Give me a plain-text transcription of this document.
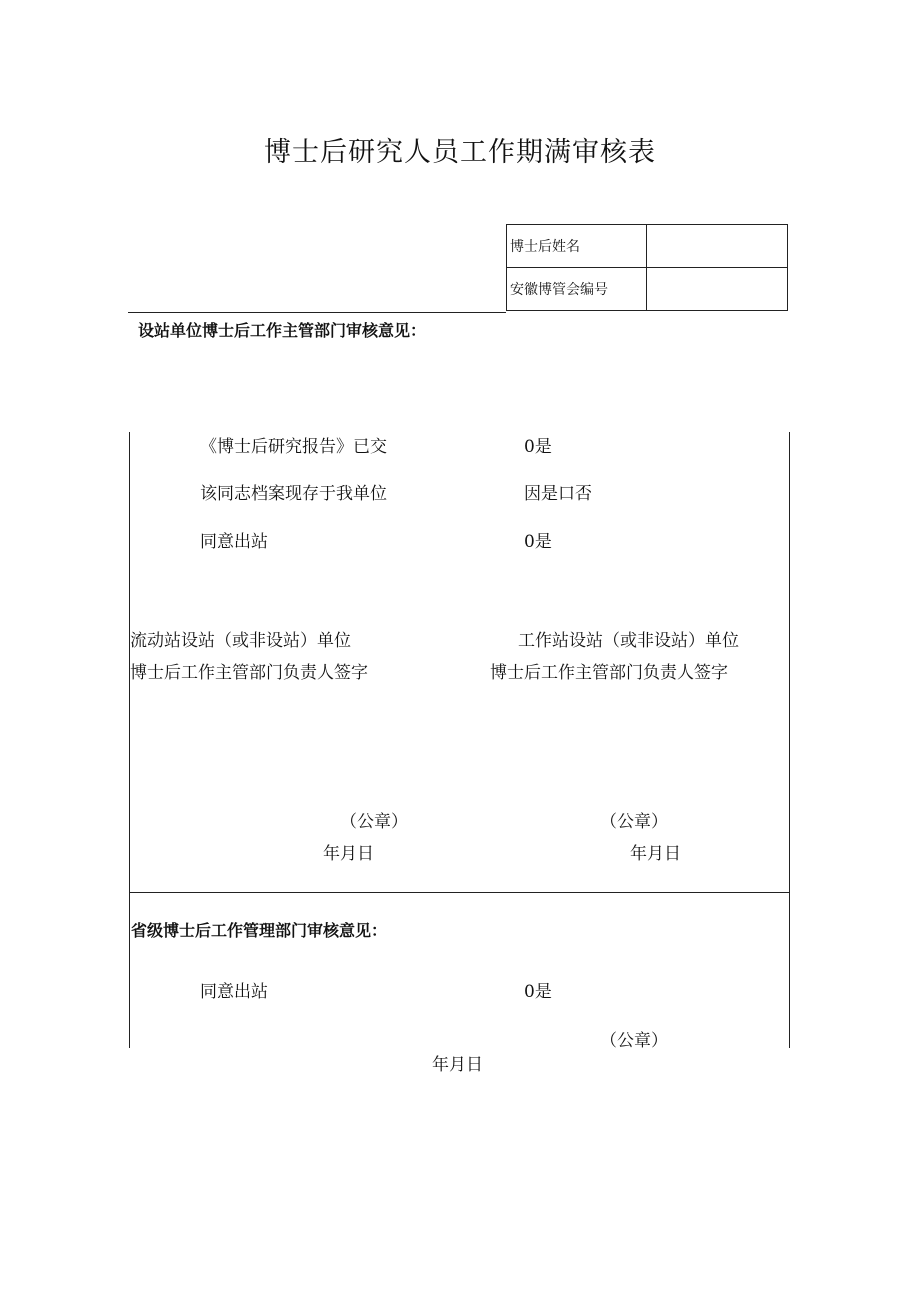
博士后研究人员工作期满审核表
博士后姓名	
安徽博管会编号	
设站单位博士后工作主管部门审核意见：
《博士后研究报告》已交	0是
该同志档案现存于我单位	因是口否
同意出站	0是
流动站设站（或非设站）单位
博士后工作主管部门负责人签字
工作站设站（或非设站）单位
博士后工作主管部门负责人签字
（公章）	（公章）
年月日	年月日
省级博士后工作管理部门审核意见：
同意出站	0是
（公章）
年月日
